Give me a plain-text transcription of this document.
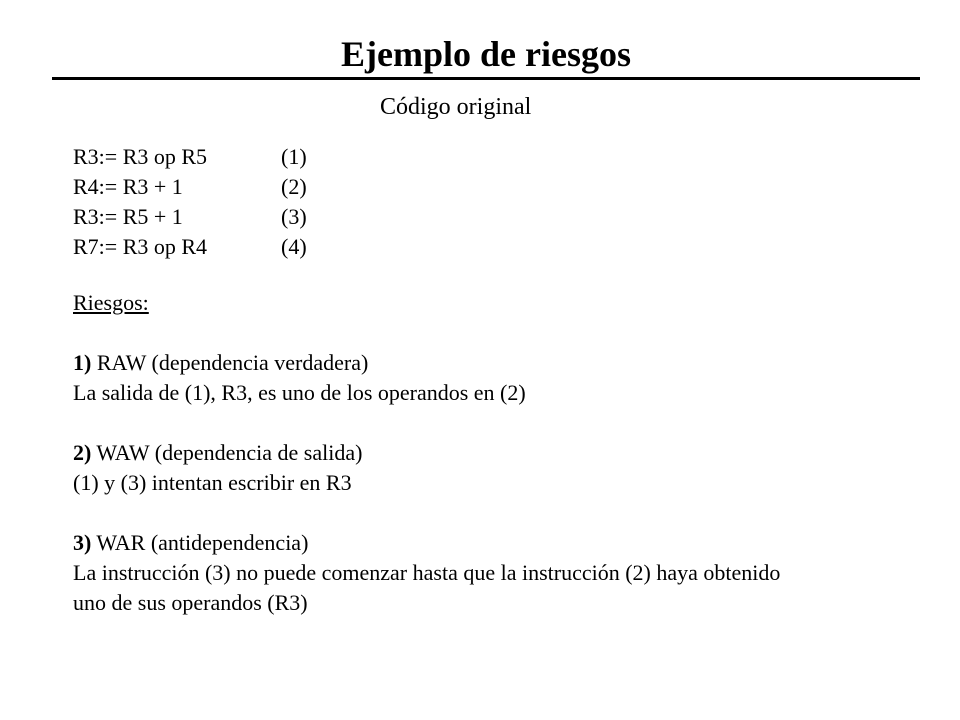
Ejemplo de riesgos
Código original
R3:= R3 op R5	(1)
R4:= R3 + 1	(2)
R3:= R5 + 1	(3)
R7:= R3 op R4	(4)
Riesgos:
1) RAW (dependencia verdadera)
La salida de (1), R3, es uno de los operandos en (2)
2) WAW (dependencia de salida)
(1) y (3) intentan escribir en R3
3) WAR (antidependencia)
La instrucción (3) no puede comenzar hasta que la instrucción (2) haya obtenido
uno de sus operandos (R3)
